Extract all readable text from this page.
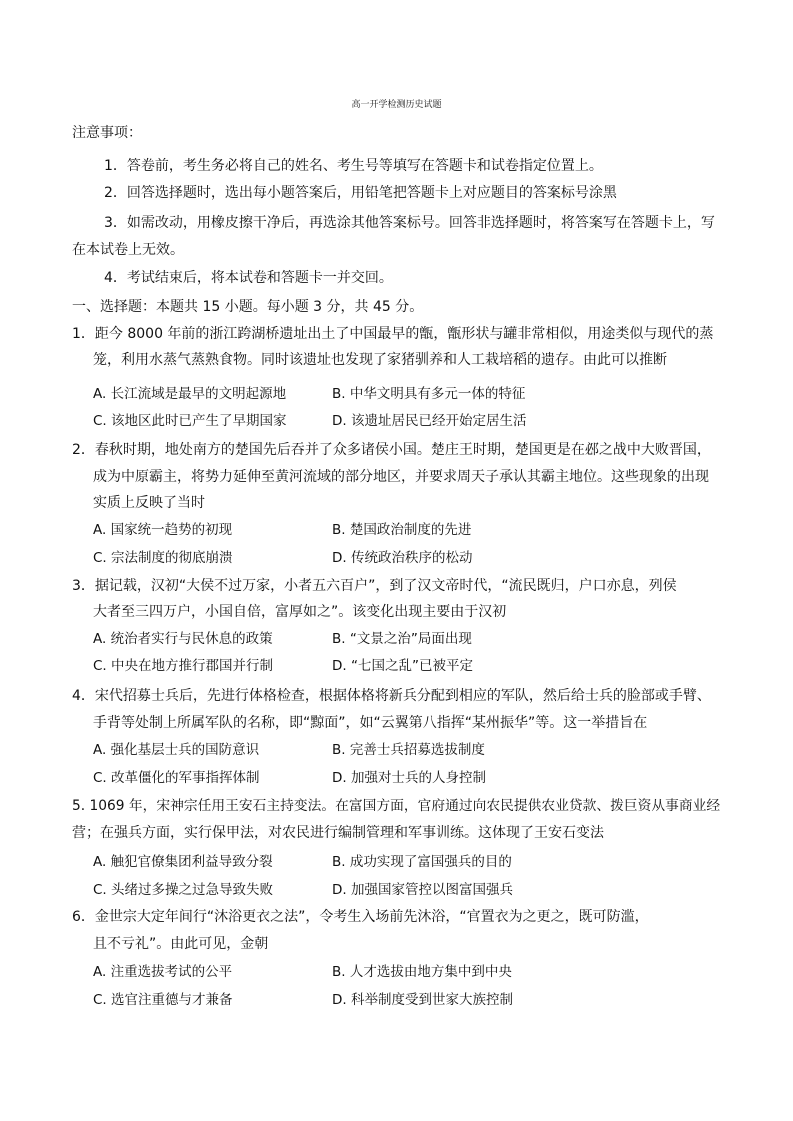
高一开学检测历史试题
注意事项：
1．答卷前，考生务必将自己的姓名、考生号等填写在答题卡和试卷指定位置上。
2．回答选择题时，选出每小题答案后，用铅笔把答题卡上对应题目的答案标号涂黑
3．如需改动，用橡皮擦干净后，再选涂其他答案标号。回答非选择题时，将答案写在答题卡上，写
在本试卷上无效。
4．考试结束后，将本试卷和答题卡一并交回。
一、选择题：本题共 15 小题。每小题 3 分，共 45 分。
1．距今 8000 年前的浙江跨湖桥遗址出土了中国最早的甑，甑形状与罐非常相似，用途类似与现代的蒸
笼，利用水蒸气蒸熟食物。同时该遗址也发现了家猪驯养和人工栽培稻的遗存。由此可以推断
A. 长江流域是最早的文明起源地	B. 中华文明具有多元一体的特征
C. 该地区此时已产生了早期国家	D. 该遗址居民已经开始定居生活
2．春秋时期，地处南方的楚国先后吞并了众多诸侯小国。楚庄王时期，楚国更是在邲之战中大败晋国，
成为中原霸主，将势力延伸至黄河流域的部分地区，并要求周天子承认其霸主地位。这些现象的出现
实质上反映了当时
A. 国家统一趋势的初现	B. 楚国政治制度的先进
C. 宗法制度的彻底崩溃	D. 传统政治秩序的松动
3．据记载，汉初“大侯不过万家，小者五六百户”，到了汉文帝时代，“流民既归，户口亦息，列侯
大者至三四万户，小国自倍，富厚如之”。该变化出现主要由于汉初
A. 统治者实行与民休息的政策	B. “文景之治”局面出现
C. 中央在地方推行郡国并行制	D. “七国之乱”已被平定
4．宋代招募士兵后，先进行体格检查，根据体格将新兵分配到相应的军队，然后给士兵的脸部或手臂、
手背等处制上所属军队的名称，即“黥面”，如“云翼第八指挥“某州振华”等。这一举措旨在
A. 强化基层士兵的国防意识	B. 完善士兵招募选拔制度
C. 改革僵化的军事指挥体制	D. 加强对士兵的人身控制
5. 1069 年，宋神宗任用王安石主持变法。在富国方面，官府通过向农民提供农业贷款、拨巨资从事商业经
营；在强兵方面，实行保甲法，对农民进行编制管理和军事训练。这体现了王安石变法
A. 触犯官僚集团利益导致分裂	B. 成功实现了富国强兵的目的
C. 头绪过多操之过急导致失败	D. 加强国家管控以图富国强兵
6．金世宗大定年间行“沐浴更衣之法”，令考生入场前先沐浴，“官置衣为之更之，既可防滥，
且不亏礼”。由此可见，金朝
A. 注重选拔考试的公平	B. 人才选拔由地方集中到中央
C. 选官注重德与才兼备	D. 科举制度受到世家大族控制
